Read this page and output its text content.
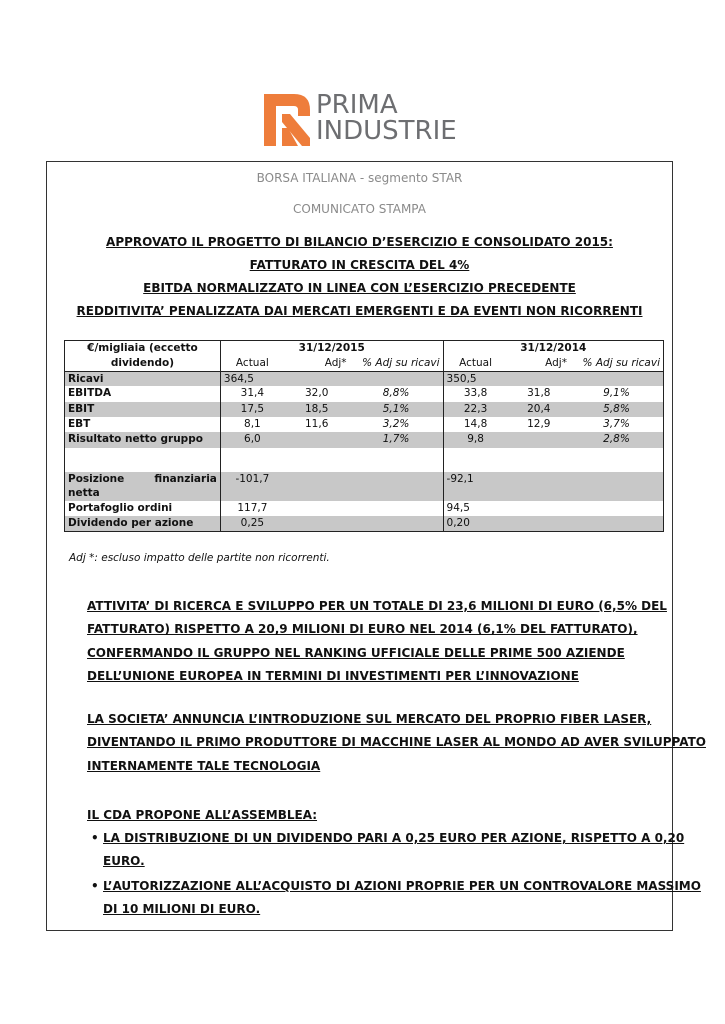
PRIMA
INDUSTRIE
BORSA ITALIANA - segmento STAR
COMUNICATO STAMPA
APPROVATO IL PROGETTO DI BILANCIO D’ESERCIZIO E CONSOLIDATO 2015:
FATTURATO IN CRESCITA DEL 4%
EBITDA NORMALIZZATO IN LINEA CON L’ESERCIZIO PRECEDENTE
REDDITIVITA’ PENALIZZATA DAI MERCATI EMERGENTI E DA EVENTI NON RICORRENTI
€/migliaia (eccetto	31/12/2015			31/12/2014		
dividendo)	Actual	Adj*	% Adj su ricavi	Actual	Adj*	% Adj su ricavi
Ricavi	364,5			350,5		
EBITDA	31,4	32,0	8,8%	33,8	31,8	9,1%
EBIT	17,5	18,5	5,1%	22,3	20,4	5,8%
EBT	8,1	11,6	3,2%	14,8	12,9	3,7%
Risultato netto gruppo	6,0		1,7%	9,8		2,8%

Posizione finanziaria
netta	-101,7			-92,1		
Portafoglio ordini	117,7			94,5		
Dividendo per azione	0,25			0,20		
Adj *: escluso impatto delle partite non ricorrenti.
ATTIVITA’ DI RICERCA E SVILUPPO PER UN TOTALE DI 23,6 MILIONI DI EURO (6,5% DEL
FATTURATO) RISPETTO A 20,9 MILIONI DI EURO NEL 2014 (6,1% DEL FATTURATO),
CONFERMANDO IL GRUPPO NEL RANKING UFFICIALE DELLE PRIME 500 AZIENDE
DELL’UNIONE EUROPEA IN TERMINI DI INVESTIMENTI PER L’INNOVAZIONE
LA SOCIETA’ ANNUNCIA L’INTRODUZIONE SUL MERCATO DEL PROPRIO FIBER LASER,
DIVENTANDO IL PRIMO PRODUTTORE DI MACCHINE LASER AL MONDO AD AVER SVILUPPATO
INTERNAMENTE TALE TECNOLOGIA
IL CDA PROPONE ALL’ASSEMBLEA:
• LA DISTRIBUZIONE DI UN DIVIDENDO PARI A 0,25 EURO PER AZIONE, RISPETTO A 0,20
EURO.
• L’AUTORIZZAZIONE ALL’ACQUISTO DI AZIONI PROPRIE PER UN CONTROVALORE MASSIMO
DI 10 MILIONI DI EURO.
